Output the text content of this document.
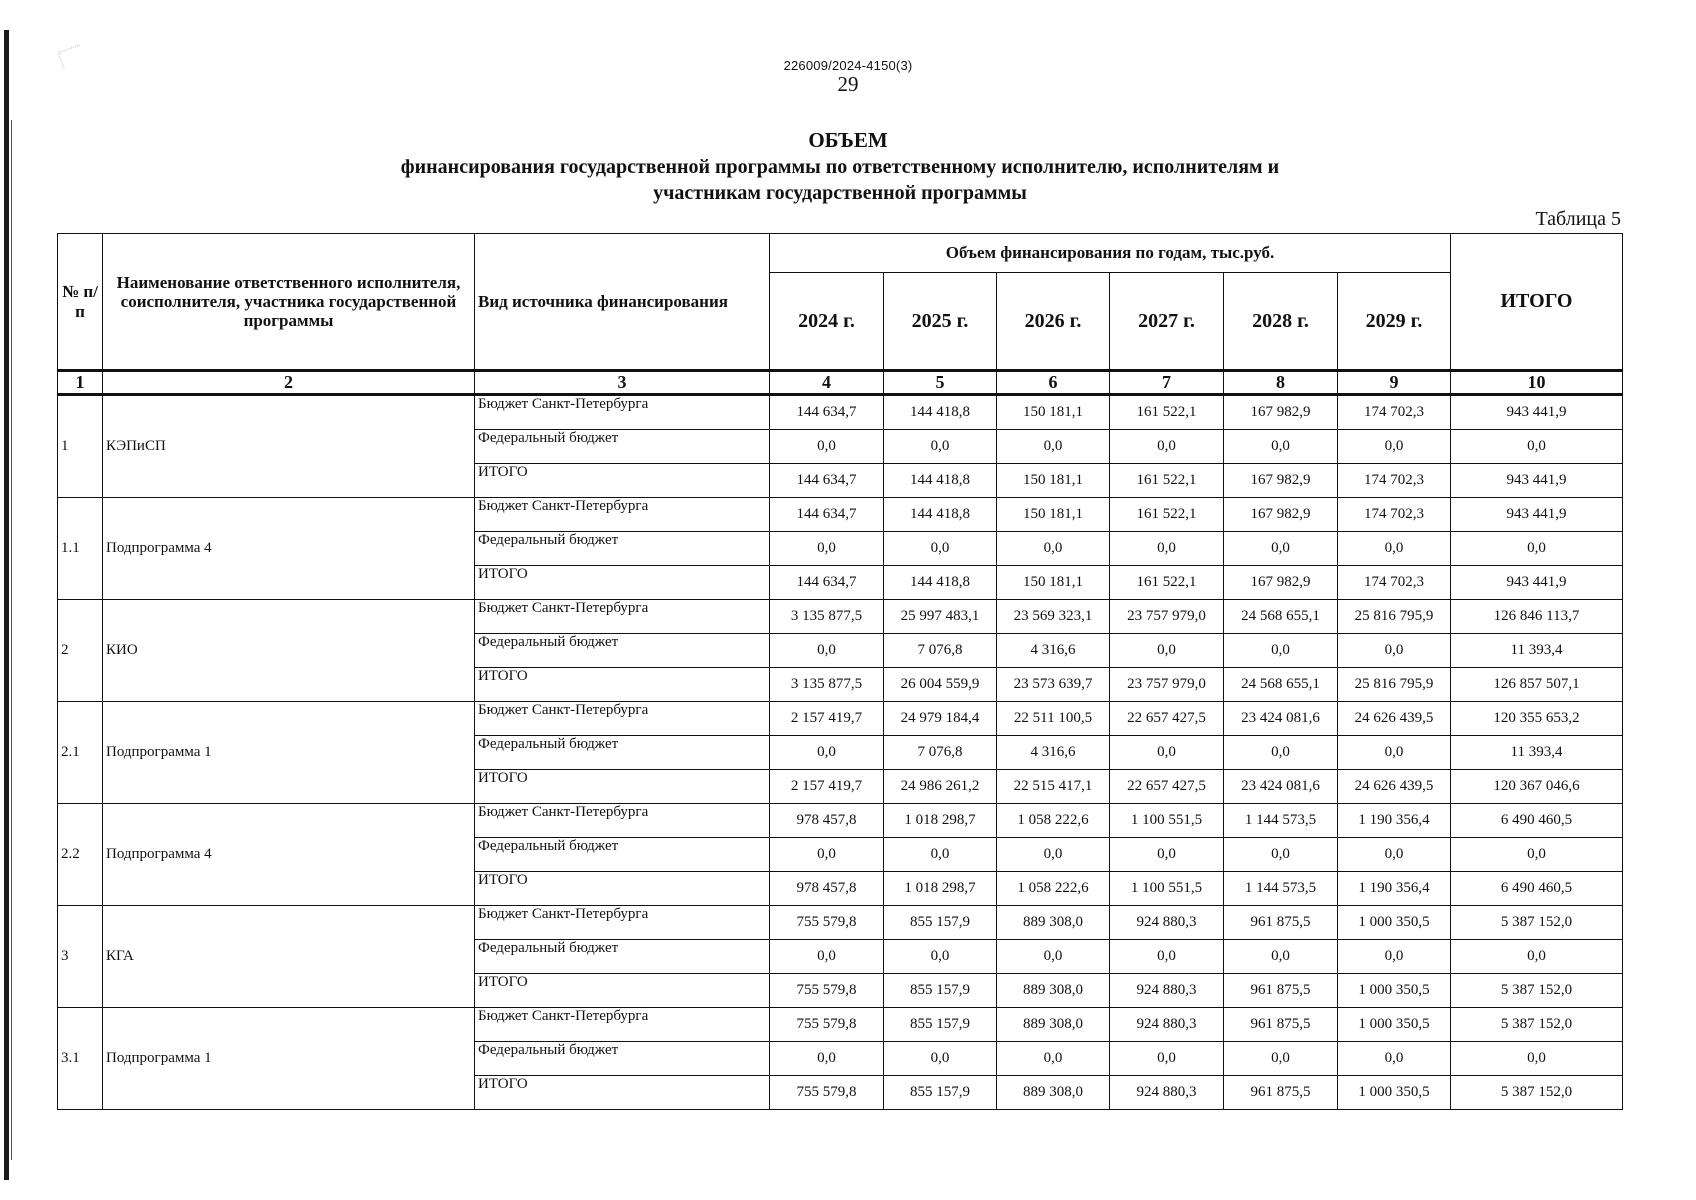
226009/2024-4150(3)
29
ОБЪЕМ
финансирования государственной программы по ответственному исполнителю, исполнителям и участникам государственной программы
Таблица 5
№ п/п	Наименование ответственного исполнителя, соисполнителя, участника государственной программы	Вид источника финансирования	Объем финансирования по годам, тыс.руб.						ИТОГО
			2024 г.	2025 г.	2026 г.	2027 г.	2028 г.	2029 г.	
1	2	3	4	5	6	7	8	9	10
1	КЭПиСП	Бюджет Санкт-Петербурга	144 634,7	144 418,8	150 181,1	161 522,1	167 982,9	174 702,3	943 441,9
		Федеральный бюджет	0,0	0,0	0,0	0,0	0,0	0,0	0,0
		ИТОГО	144 634,7	144 418,8	150 181,1	161 522,1	167 982,9	174 702,3	943 441,9
1.1	Подпрограмма 4	Бюджет Санкт-Петербурга	144 634,7	144 418,8	150 181,1	161 522,1	167 982,9	174 702,3	943 441,9
		Федеральный бюджет	0,0	0,0	0,0	0,0	0,0	0,0	0,0
		ИТОГО	144 634,7	144 418,8	150 181,1	161 522,1	167 982,9	174 702,3	943 441,9
2	КИО	Бюджет Санкт-Петербурга	3 135 877,5	25 997 483,1	23 569 323,1	23 757 979,0	24 568 655,1	25 816 795,9	126 846 113,7
		Федеральный бюджет	0,0	7 076,8	4 316,6	0,0	0,0	0,0	11 393,4
		ИТОГО	3 135 877,5	26 004 559,9	23 573 639,7	23 757 979,0	24 568 655,1	25 816 795,9	126 857 507,1
2.1	Подпрограмма 1	Бюджет Санкт-Петербурга	2 157 419,7	24 979 184,4	22 511 100,5	22 657 427,5	23 424 081,6	24 626 439,5	120 355 653,2
		Федеральный бюджет	0,0	7 076,8	4 316,6	0,0	0,0	0,0	11 393,4
		ИТОГО	2 157 419,7	24 986 261,2	22 515 417,1	22 657 427,5	23 424 081,6	24 626 439,5	120 367 046,6
2.2	Подпрограмма 4	Бюджет Санкт-Петербурга	978 457,8	1 018 298,7	1 058 222,6	1 100 551,5	1 144 573,5	1 190 356,4	6 490 460,5
		Федеральный бюджет	0,0	0,0	0,0	0,0	0,0	0,0	0,0
		ИТОГО	978 457,8	1 018 298,7	1 058 222,6	1 100 551,5	1 144 573,5	1 190 356,4	6 490 460,5
3	КГА	Бюджет Санкт-Петербурга	755 579,8	855 157,9	889 308,0	924 880,3	961 875,5	1 000 350,5	5 387 152,0
		Федеральный бюджет	0,0	0,0	0,0	0,0	0,0	0,0	0,0
		ИТОГО	755 579,8	855 157,9	889 308,0	924 880,3	961 875,5	1 000 350,5	5 387 152,0
3.1	Подпрограмма 1	Бюджет Санкт-Петербурга	755 579,8	855 157,9	889 308,0	924 880,3	961 875,5	1 000 350,5	5 387 152,0
		Федеральный бюджет	0,0	0,0	0,0	0,0	0,0	0,0	0,0
		ИТОГО	755 579,8	855 157,9	889 308,0	924 880,3	961 875,5	1 000 350,5	5 387 152,0
